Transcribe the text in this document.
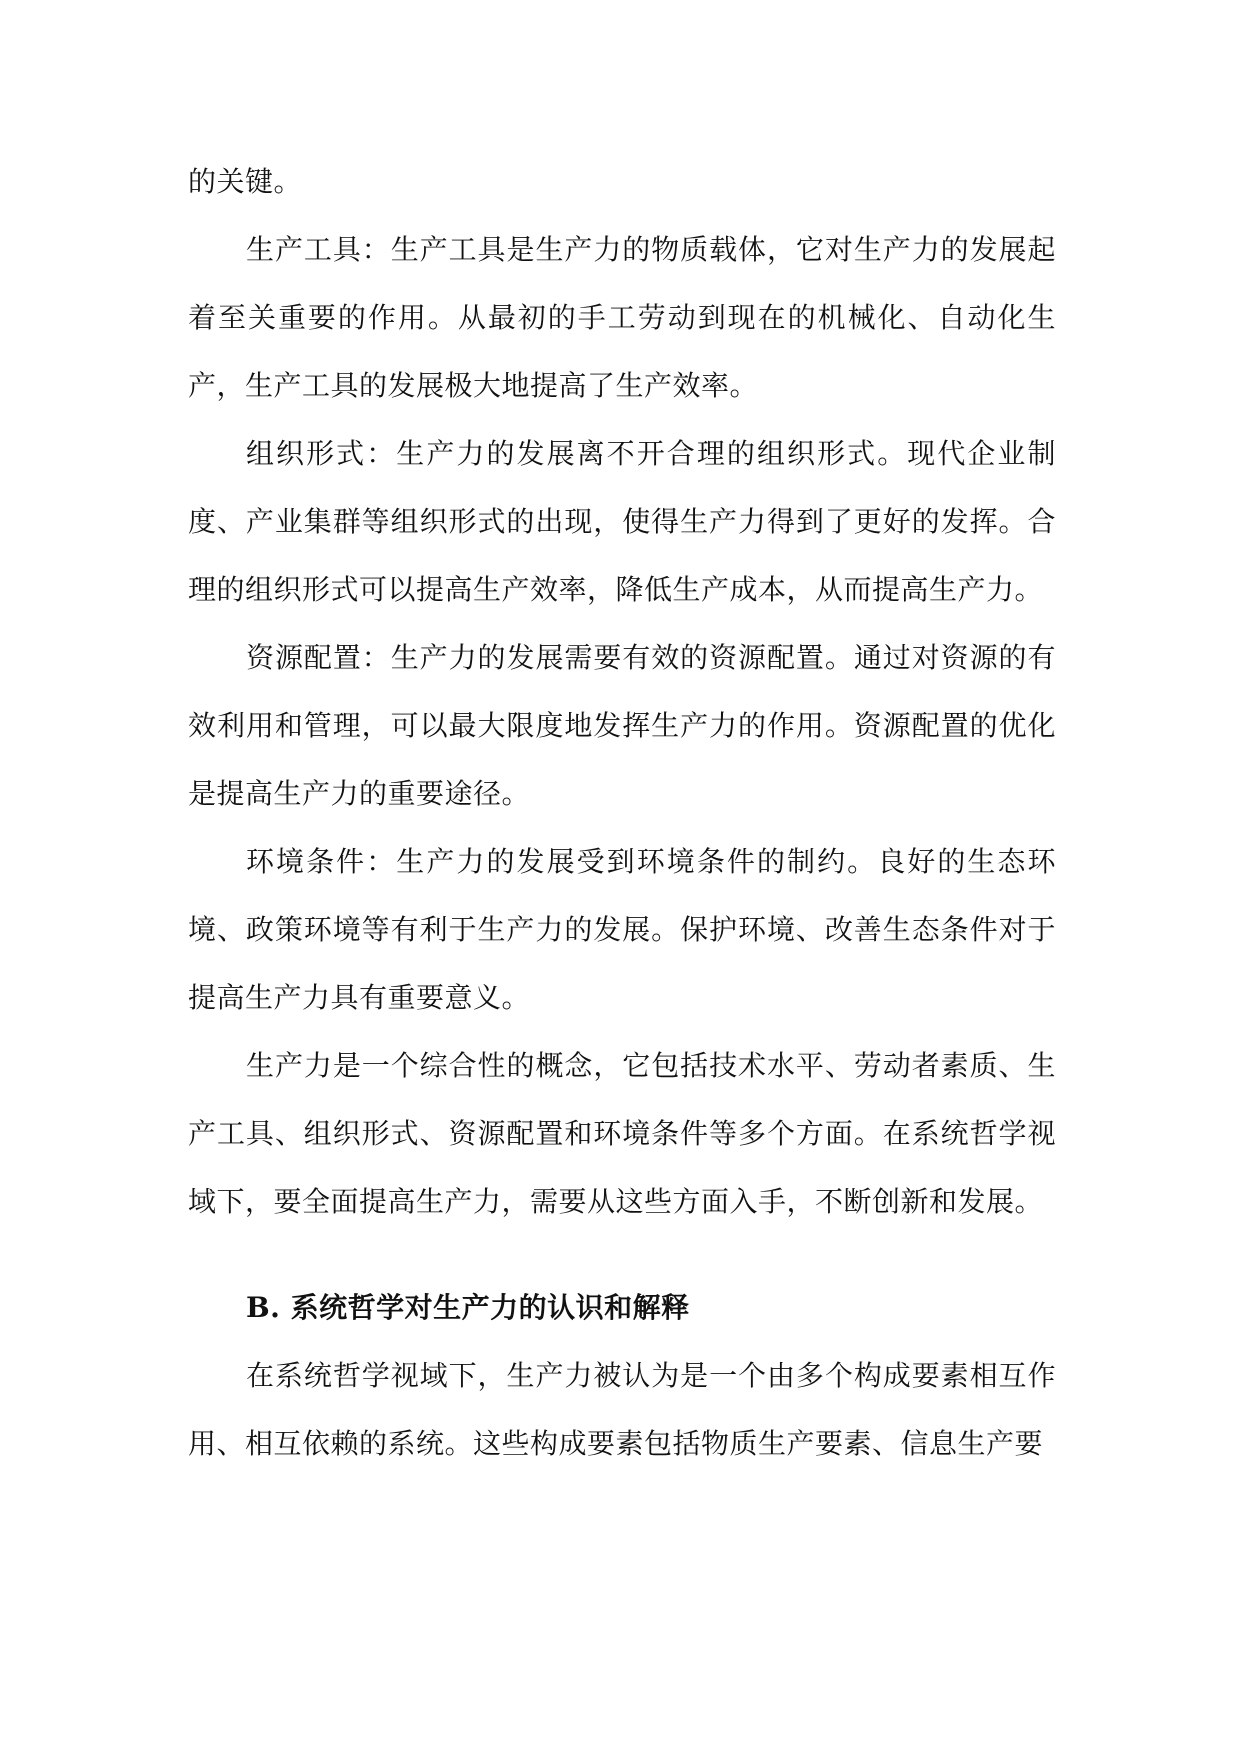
的关键。

生产工具：生产工具是生产力的物质载体，它对生产力的发展起着至关重要的作用。从最初的手工劳动到现在的机械化、自动化生产，生产工具的发展极大地提高了生产效率。

组织形式：生产力的发展离不开合理的组织形式。现代企业制度、产业集群等组织形式的出现，使得生产力得到了更好的发挥。合理的组织形式可以提高生产效率，降低生产成本，从而提高生产力。

资源配置：生产力的发展需要有效的资源配置。通过对资源的有效利用和管理，可以最大限度地发挥生产力的作用。资源配置的优化是提高生产力的重要途径。

环境条件：生产力的发展受到环境条件的制约。良好的生态环境、政策环境等有利于生产力的发展。保护环境、改善生态条件对于提高生产力具有重要意义。

生产力是一个综合性的概念，它包括技术水平、劳动者素质、生产工具、组织形式、资源配置和环境条件等多个方面。在系统哲学视域下，要全面提高生产力，需要从这些方面入手，不断创新和发展。

B. 系统哲学对生产力的认识和解释

在系统哲学视域下，生产力被认为是一个由多个构成要素相互作用、相互依赖的系统。这些构成要素包括物质生产要素、信息生产要
